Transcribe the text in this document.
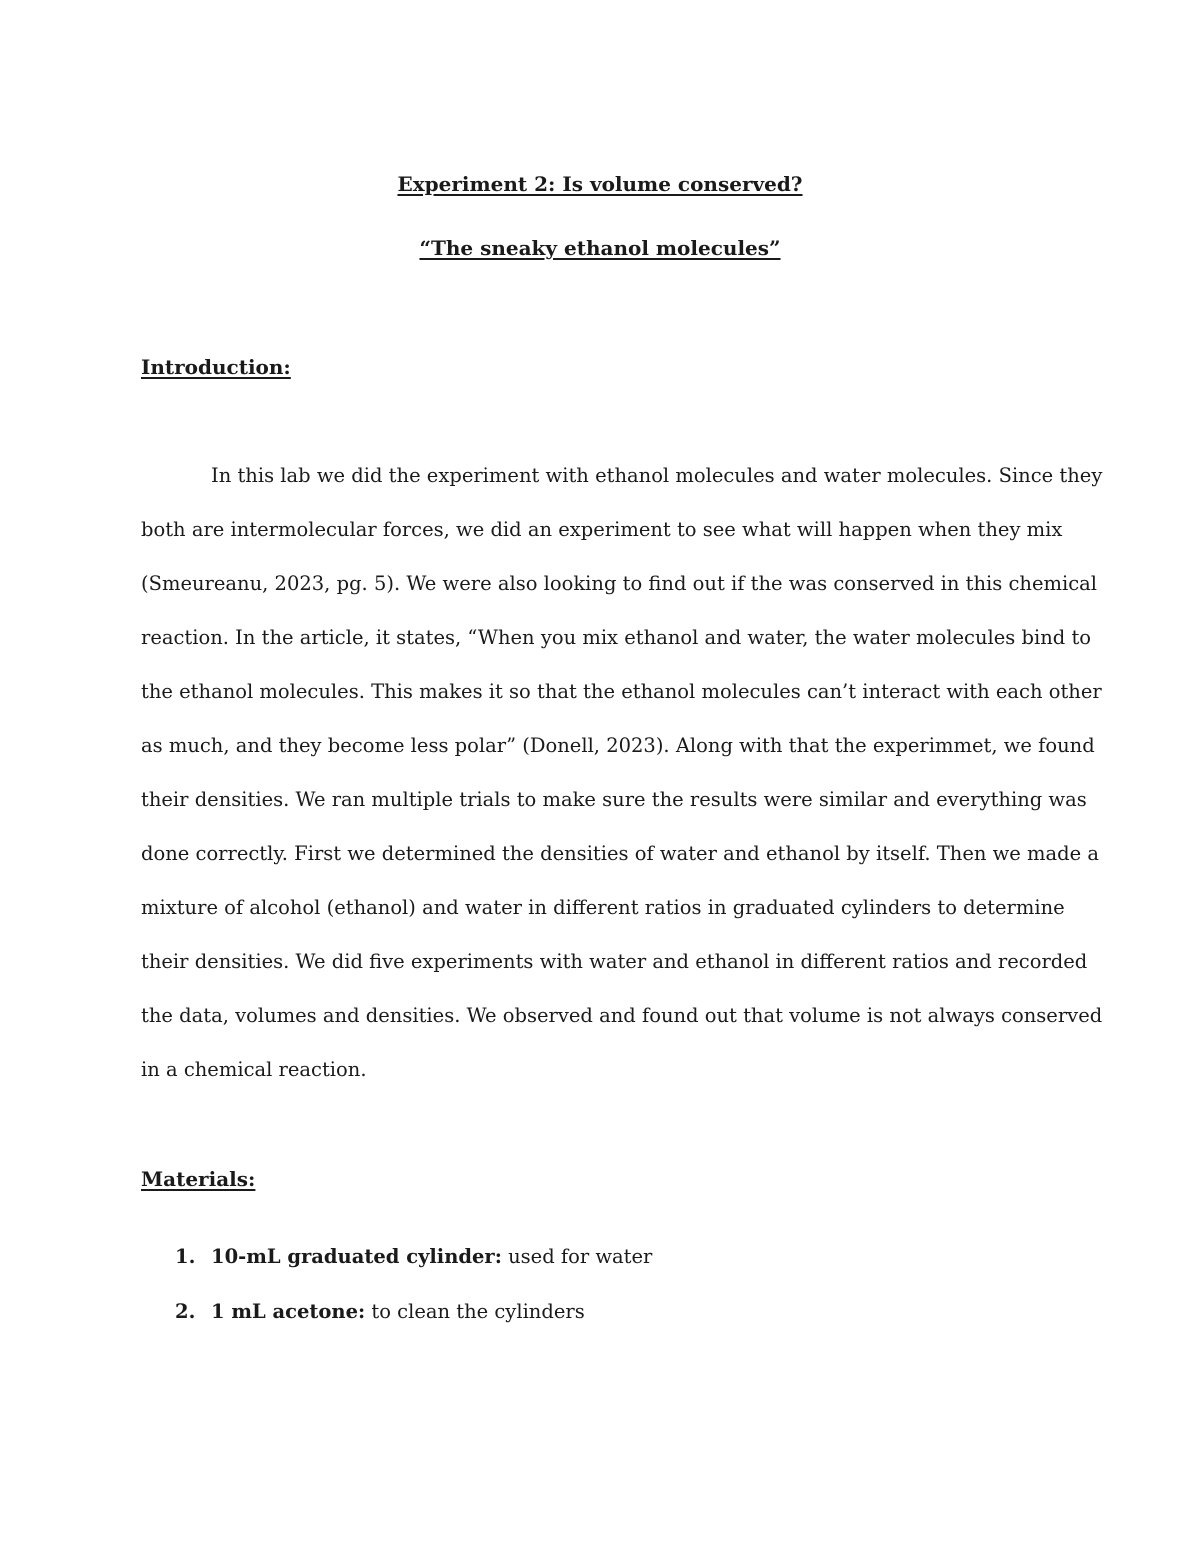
Experiment 2: Is volume conserved?
“The sneaky ethanol molecules”
Introduction:
In this lab we did the experiment with ethanol molecules and water molecules. Since they
both are intermolecular forces, we did an experiment to see what will happen when they mix
(Smeureanu, 2023, pg. 5). We were also looking to find out if the was conserved in this chemical
reaction. In the article, it states, “When you mix ethanol and water, the water molecules bind to
the ethanol molecules. This makes it so that the ethanol molecules can’t interact with each other
as much, and they become less polar” (Donell, 2023). Along with that the experimmet, we found
their densities. We ran multiple trials to make sure the results were similar and everything was
done correctly. First we determined the densities of water and ethanol by itself. Then we made a
mixture of alcohol (ethanol) and water in different ratios in graduated cylinders to determine
their densities. We did five experiments with water and ethanol in different ratios and recorded
the data, volumes and densities. We observed and found out that volume is not always conserved
in a chemical reaction.
Materials:
1. 10-mL graduated cylinder: used for water
2. 1 mL acetone: to clean the cylinders
